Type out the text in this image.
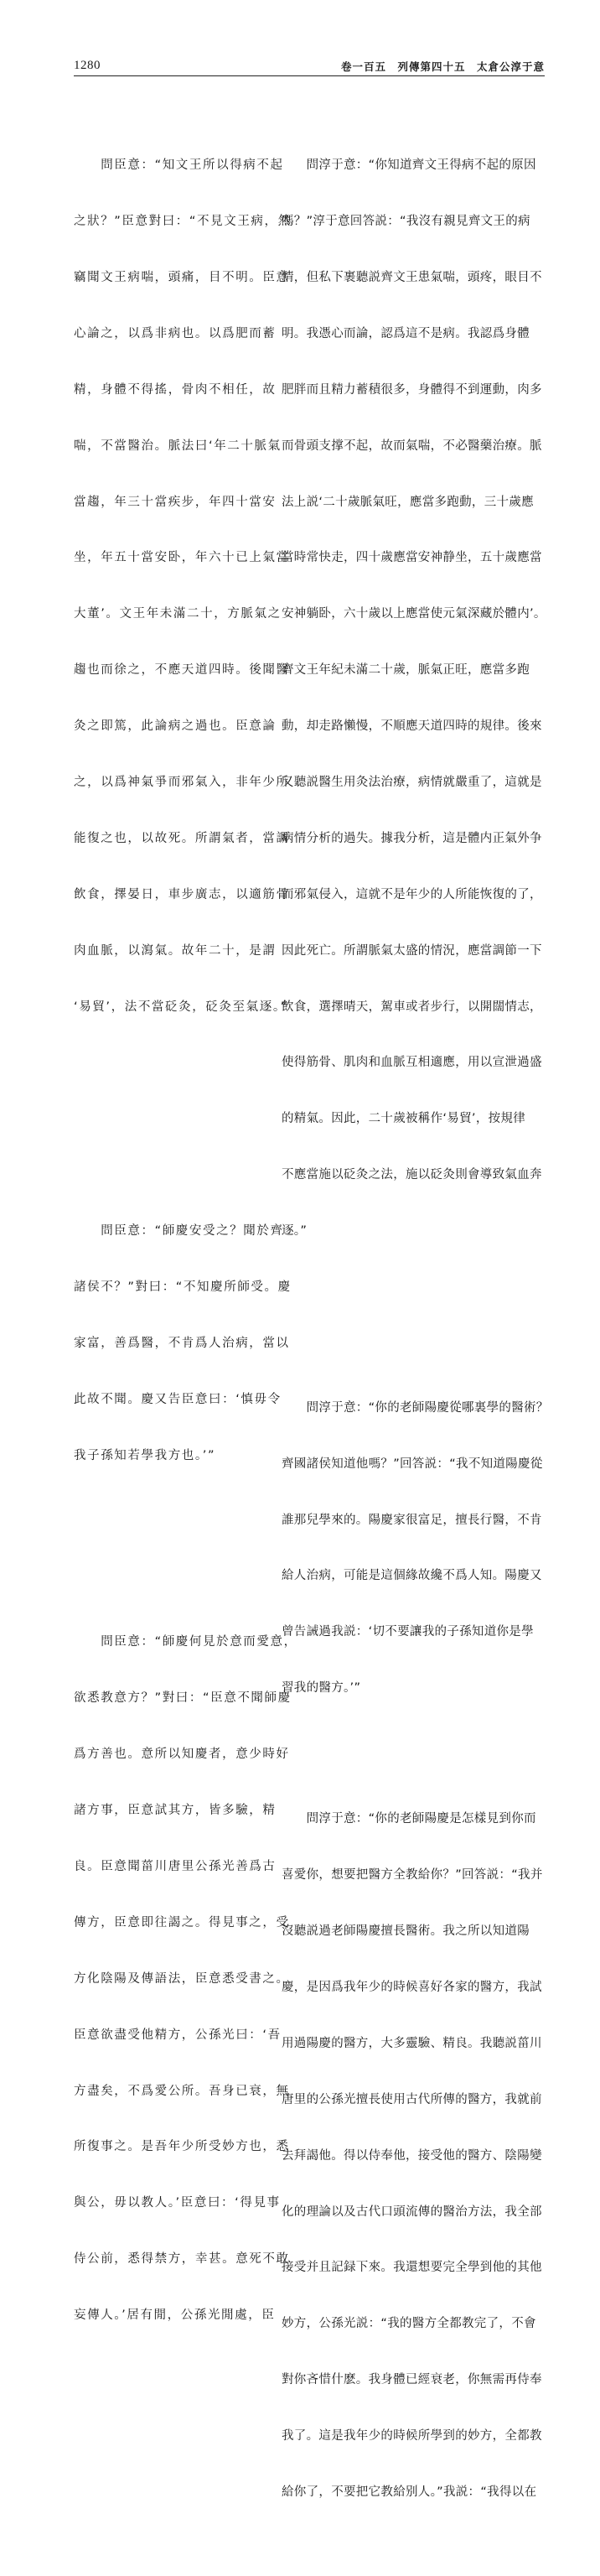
1280	卷一百五　列傳第四十五　太倉公淳于意

　　問臣意：“知文王所以得病不起

之狀？”臣意對曰：“不見文王病，然

竊聞文王病喘，頭痛，目不明。臣意

心論之，以爲非病也。以爲肥而蓄

精，身體不得搖，骨肉不相任，故

喘，不當醫治。脈法曰‘年二十脈氣

當趨，年三十當疾步，年四十當安

坐，年五十當安卧，年六十已上氣當

大董’。文王年未滿二十，方脈氣之

趨也而徐之，不應天道四時。後聞醫

灸之即篤，此論病之過也。臣意論

之，以爲神氣爭而邪氣入，非年少所

能復之也，以故死。所謂氣者，當調

飲食，擇晏日，車步廣志，以適筋骨

肉血脈，以瀉氣。故年二十，是謂

‘易貿’，法不當砭灸，砭灸至氣逐。”

　　問臣意：“師慶安受之？聞於齊

諸侯不？”對曰：“不知慶所師受。慶

家富，善爲醫，不肯爲人治病，當以

此故不聞。慶又告臣意曰：‘慎毋令

我子孫知若學我方也。’”

　　問臣意：“師慶何見於意而愛意，

欲悉教意方？”對曰：“臣意不聞師慶

爲方善也。意所以知慶者，意少時好

諸方事，臣意試其方，皆多驗，精

良。臣意聞菑川唐里公孫光善爲古

傳方，臣意即往謁之。得見事之，受

方化陰陽及傳語法，臣意悉受書之。

臣意欲盡受他精方，公孫光曰：‘吾

方盡矣，不爲愛公所。吾身已衰，無

所復事之。是吾年少所受妙方也，悉

與公，毋以教人。’臣意曰：‘得見事

侍公前，悉得禁方，幸甚。意死不敢

妄傳人。’居有閒，公孫光閒處，臣

　　問淳于意：“你知道齊文王得病不起的原因

嗎？”淳于意回答説：“我沒有親見齊文王的病

情，但私下裹聽説齊文王患氣喘，頭疼，眼目不

明。我憑心而論，認爲這不是病。我認爲身體

肥胖而且精力蓄積很多，身體得不到運動，肉多

而骨頭支撑不起，故而氣喘，不必醫藥治療。脈

法上説‘二十歲脈氣旺，應當多跑動，三十歲應

當時常快走，四十歲應當安神静坐，五十歲應當

安神躺卧，六十歲以上應當使元氣深藏於體内’。

齊文王年紀未滿二十歲，脈氣正旺，應當多跑

動，却走路懶慢，不順應天道四時的規律。後來

又聽説醫生用灸法治療，病情就嚴重了，這就是

病情分析的過失。據我分析，這是體内正氣外争

而邪氣侵入，這就不是年少的人所能恢復的了，

因此死亡。所謂脈氣太盛的情況，應當調節一下

飲食，選擇晴天，駕車或者步行，以開闊情志，

使得筋骨、肌肉和血脈互相適應，用以宣泄過盛

的精氣。因此，二十歲被稱作‘易貿’，按規律

不應當施以砭灸之法，施以砭灸則會導致氣血奔

逐。”

　　問淳于意：“你的老師陽慶從哪裏學的醫術？

齊國諸侯知道他嗎？”回答説：“我不知道陽慶從

誰那兒學來的。陽慶家很富足，擅長行醫，不肯

給人治病，可能是這個緣故纔不爲人知。陽慶又

曾告誡過我説：‘切不要讓我的子孫知道你是學

習我的醫方。’”

　　問淳于意：“你的老師陽慶是怎樣見到你而

喜愛你，想要把醫方全教給你？”回答説：“我并

沒聽説過老師陽慶擅長醫術。我之所以知道陽

慶，是因爲我年少的時候喜好各家的醫方，我試

用過陽慶的醫方，大多靈驗、精良。我聽説菑川

唐里的公孫光擅長使用古代所傳的醫方，我就前

去拜謁他。得以侍奉他，接受他的醫方、陰陽變

化的理論以及古代口頭流傳的醫治方法，我全部

接受并且記録下來。我還想要完全學到他的其他

妙方，公孫光説：“我的醫方全都教完了，不會

對你吝惜什麽。我身體已經衰老，你無需再侍奉

我了。這是我年少的時候所學到的妙方，全都教

給你了，不要把它教給别人。”我説：“我得以在
